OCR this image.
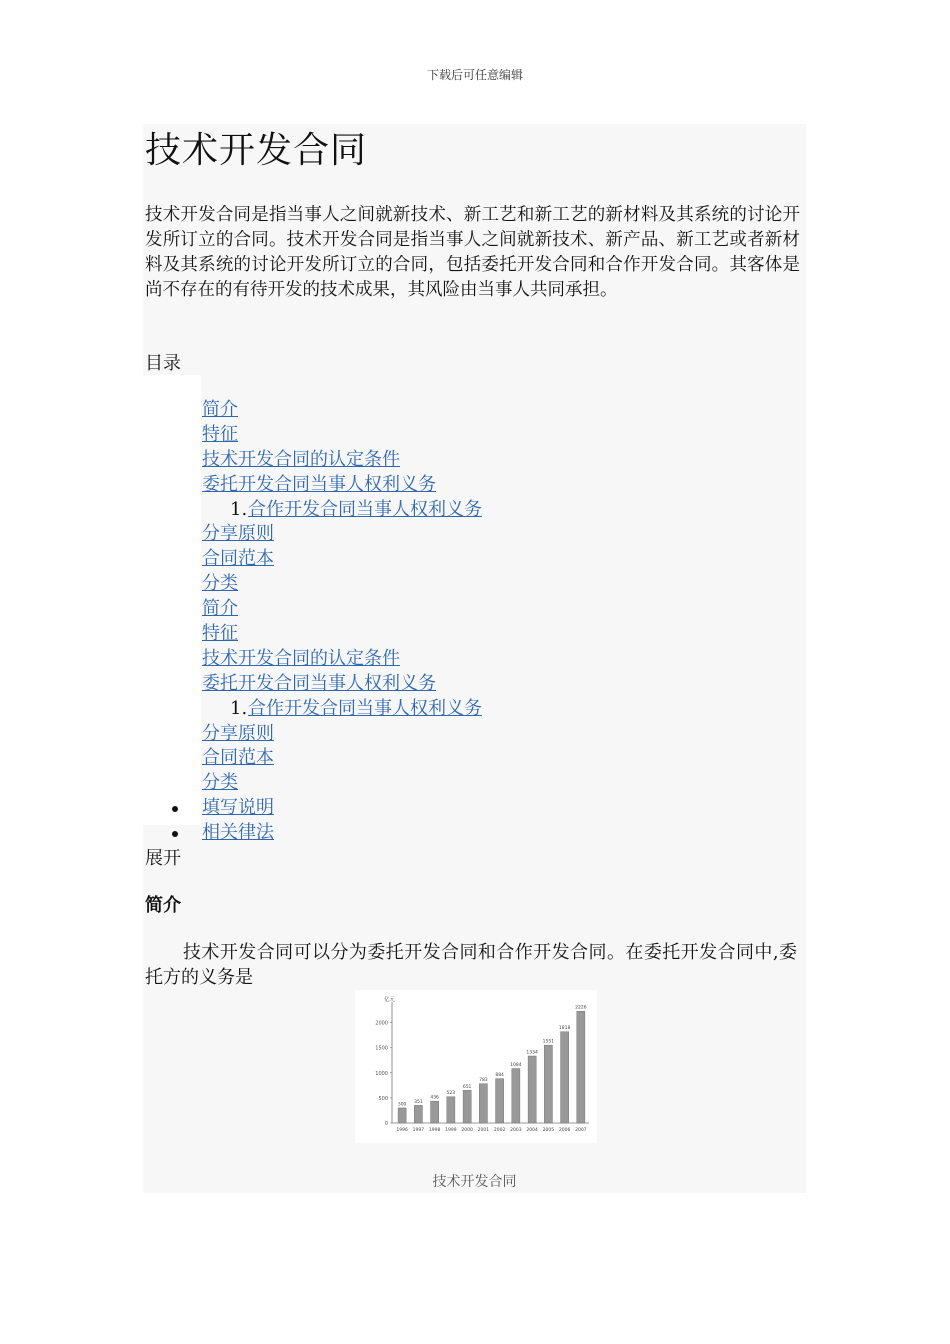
下载后可任意编辑
技术开发合同

技术开发合同是指当事人之间就新技术、新工艺和新工艺的新材料及其系统的讨论开发所订立的合同。技术开发合同是指当事人之间就新技术、新产品、新工艺或者新材料及其系统的讨论开发所订立的合同，包括委托开发合同和合作开发合同。其客体是尚不存在的有待开发的技术成果，其风险由当事人共同承担。

目录
简介
特征
技术开发合同的认定条件
委托开发合同当事人权利义务
1. 合作开发合同当事人权利义务
分享原则
合同范本
分类
简介
特征
技术开发合同的认定条件
委托开发合同当事人权利义务
1. 合作开发合同当事人权利义务
分享原则
合同范本
分类
填写说明
相关律法
展开
简介

技术开发合同可以分为委托开发合同和合作开发合同。在委托开发合同中,委托方的义务是

亿元
0
500
1000
1500
2000
300
1996
351
1997
436
1998
523
1999
651
2000
783
2001
884
2002
1084
2003
1334
2004
1551
2005
1818
2006
2226
2007
技术开发合同
